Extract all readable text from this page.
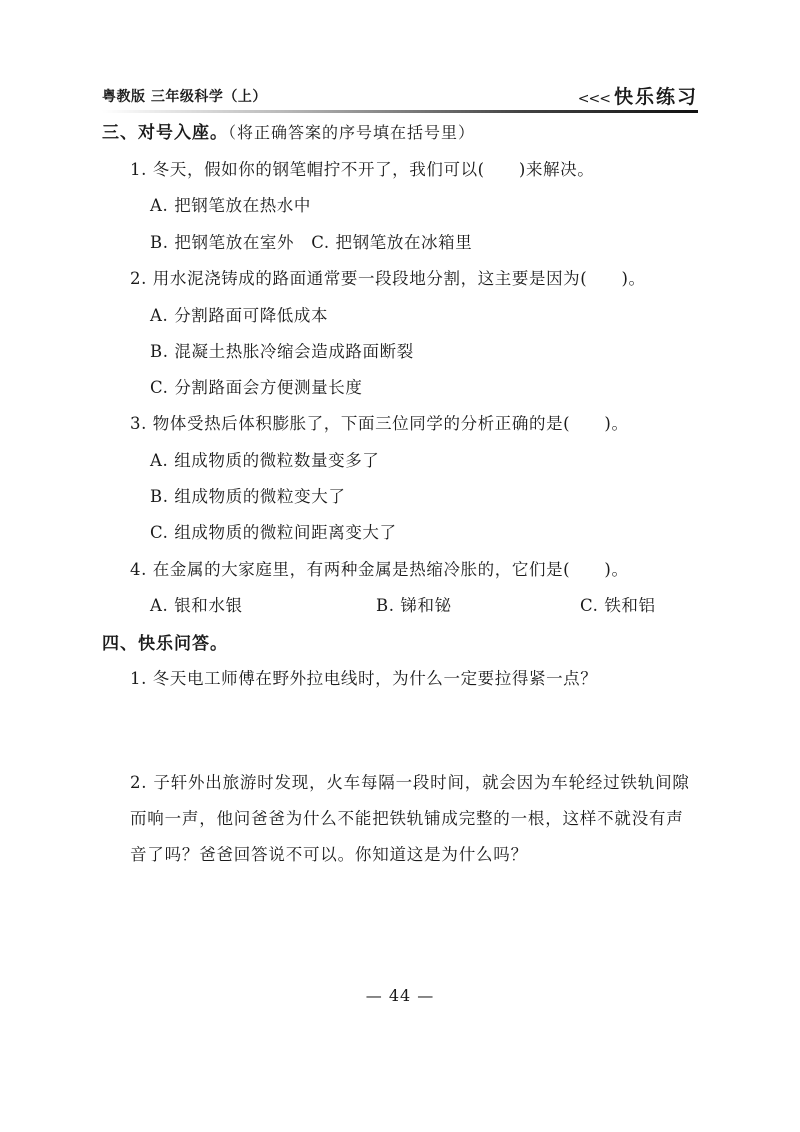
粤教版 三年级科学（上）	<<< 快乐练习
三、对号入座。（将正确答案的序号填在括号里）
1. 冬天，假如你的钢笔帽拧不开了，我们可以(　　)来解决。
A. 把钢笔放在热水中
B. 把钢笔放在室外　C. 把钢笔放在冰箱里
2. 用水泥浇铸成的路面通常要一段段地分割，这主要是因为(　　)。
A. 分割路面可降低成本
B. 混凝土热胀冷缩会造成路面断裂
C. 分割路面会方便测量长度
3. 物体受热后体积膨胀了，下面三位同学的分析正确的是(　　)。
A. 组成物质的微粒数量变多了
B. 组成物质的微粒变大了
C. 组成物质的微粒间距离变大了
4. 在金属的大家庭里，有两种金属是热缩冷胀的，它们是(　　)。
A. 银和水银	B. 锑和铋	C. 铁和铝
四、快乐问答。
1. 冬天电工师傅在野外拉电线时，为什么一定要拉得紧一点？
2. 子轩外出旅游时发现，火车每隔一段时间，就会因为车轮经过铁轨间隙而响一声，他问爸爸为什么不能把铁轨铺成完整的一根，这样不就没有声音了吗？爸爸回答说不可以。你知道这是为什么吗？
— 44 —
